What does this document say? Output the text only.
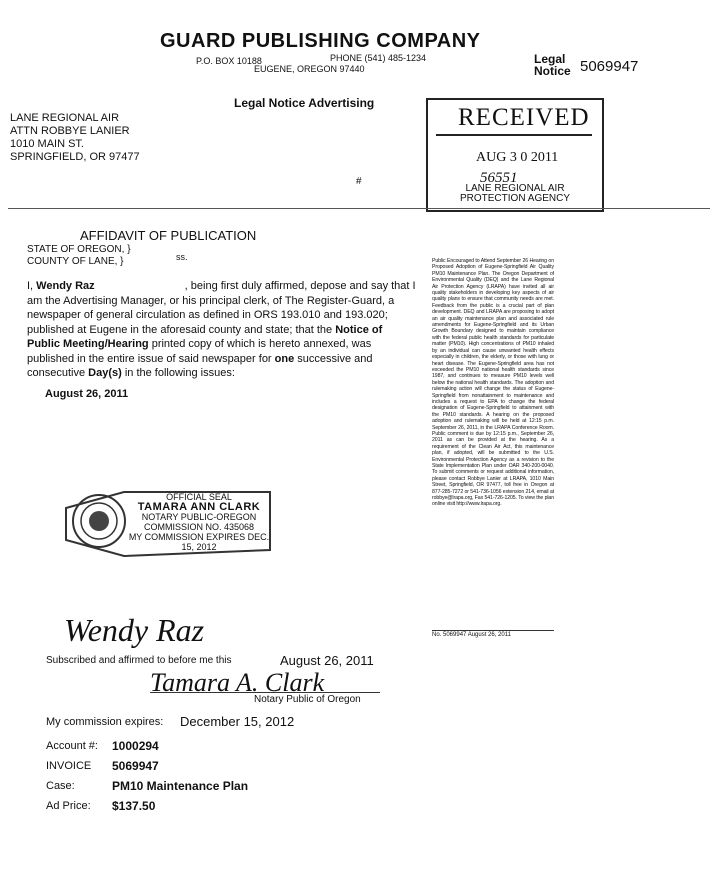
GUARD PUBLISHING COMPANY
P.O. BOX 10188	PHONE (541) 485-1234
EUGENE, OREGON 97440
Legal
Notice 5069947
Legal Notice Advertising
LANE REGIONAL AIR
ATTN ROBBYE LANIER
1010 MAIN ST.
SPRINGFIELD, OR 97477
RECEIVED
AUG 3 0 2011
56551
LANE REGIONAL AIR
PROTECTION AGENCY
#
AFFIDAVIT OF PUBLICATION
STATE OF OREGON, }
COUNTY OF LANE, }	ss.
I, Wendy Raz	, being first duly affirmed, depose and say that I am the Advertising Manager, or his principal clerk, of The Register-Guard, a newspaper of general circulation as defined in ORS 193.010 and 193.020; published at Eugene in the aforesaid county and state; that the Notice of Public Meeting/Hearing printed copy of which is hereto annexed, was published in the entire issue of said newspaper for one successive and consecutive Day(s) in the following issues:
August 26, 2011
OFFICIAL SEAL
TAMARA ANN CLARK
NOTARY PUBLIC-OREGON
COMMISSION NO. 435068
MY COMMISSION EXPIRES DEC. 15, 2012
Wendy Raz
Subscribed and affirmed to before me this	August 26, 2011
Tamara A. Clark
Notary Public of Oregon
My commission expires: December 15, 2012
Account #: 1000294
INVOICE 5069947
Case:	PM10 Maintenance Plan
Ad Price: $137.50
Public Encouraged to Attend September 26 Hearing on Proposed Adoption of Eugene-Springfield Air Quality PM10 Maintenance Plan. The Oregon Department of Environmental Quality (DEQ) and the Lane Regional Air Protection Agency (LRAPA) have invited all air quality stakeholders in developing key aspects of air quality plans to ensure that community needs are met. Feedback from the public is a crucial part of plan development. DEQ and LRAPA are proposing to adopt an air quality maintenance plan and associated rule amendments for Eugene-Springfield and its Urban Growth Boundary designed to maintain compliance with the federal public health standards for particulate matter (PM10). High concentrations of PM10 inhaled by an individual can cause unwanted health effects especially in children, the elderly, or those with lung or heart disease. The Eugene-Springfield area has not exceeded the PM10 national health standards since 1987, and continues to measure PM10 levels well below the national health standards. The adoption and rulemaking action will change the status of Eugene-Springfield from nonattainment to maintenance and includes a request to EPA to change the federal designation of Eugene-Springfield to attainment with the PM10 standards. A hearing on the proposed adoption and rulemaking will be held at 12:15 p.m. September 26, 2011, in the LRAPA Conference Room. Public comment is due by 12:15 p.m., September 26, 2011 as can be provided at the hearing. As a requirement of the Clean Air Act, this maintenance plan, if adopted, will be submitted to the U.S. Environmental Protection Agency as a revision to the State Implementation Plan under OAR 340-200-0040. To submit comments or request additional information, please contact Robbye Lanier at LRAPA, 1010 Main Street, Springfield, OR 97477, toll free in Oregon at 877-285-7272 or 541-736-1056 extension 214, email at robbye@lrapa.org, Fax 541-726-1205. To view the plan online visit http://www.lrapa.org.
No. 5069947 August 26, 2011
